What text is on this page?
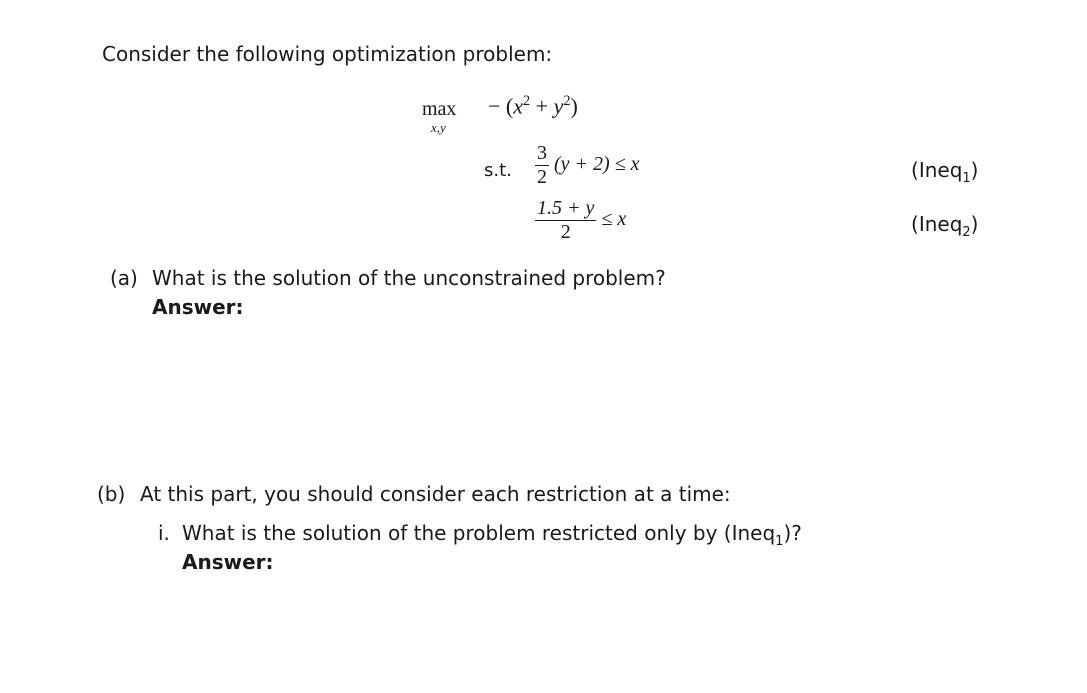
Consider the following optimization problem:
max
x,y
− $(x^2 + y^2)$
s.t. $\frac{3}{2} (y + 2) \le x$	(Ineq$_1$)
$\frac{1.5 + y}{2} \le x$	(Ineq$_2$)
(a) What is the solution of the unconstrained problem?
Answer:
(b) At this part, you should consider each restriction at a time:
i. What is the solution of the problem restricted only by (Ineq$_1$)?
Answer:
